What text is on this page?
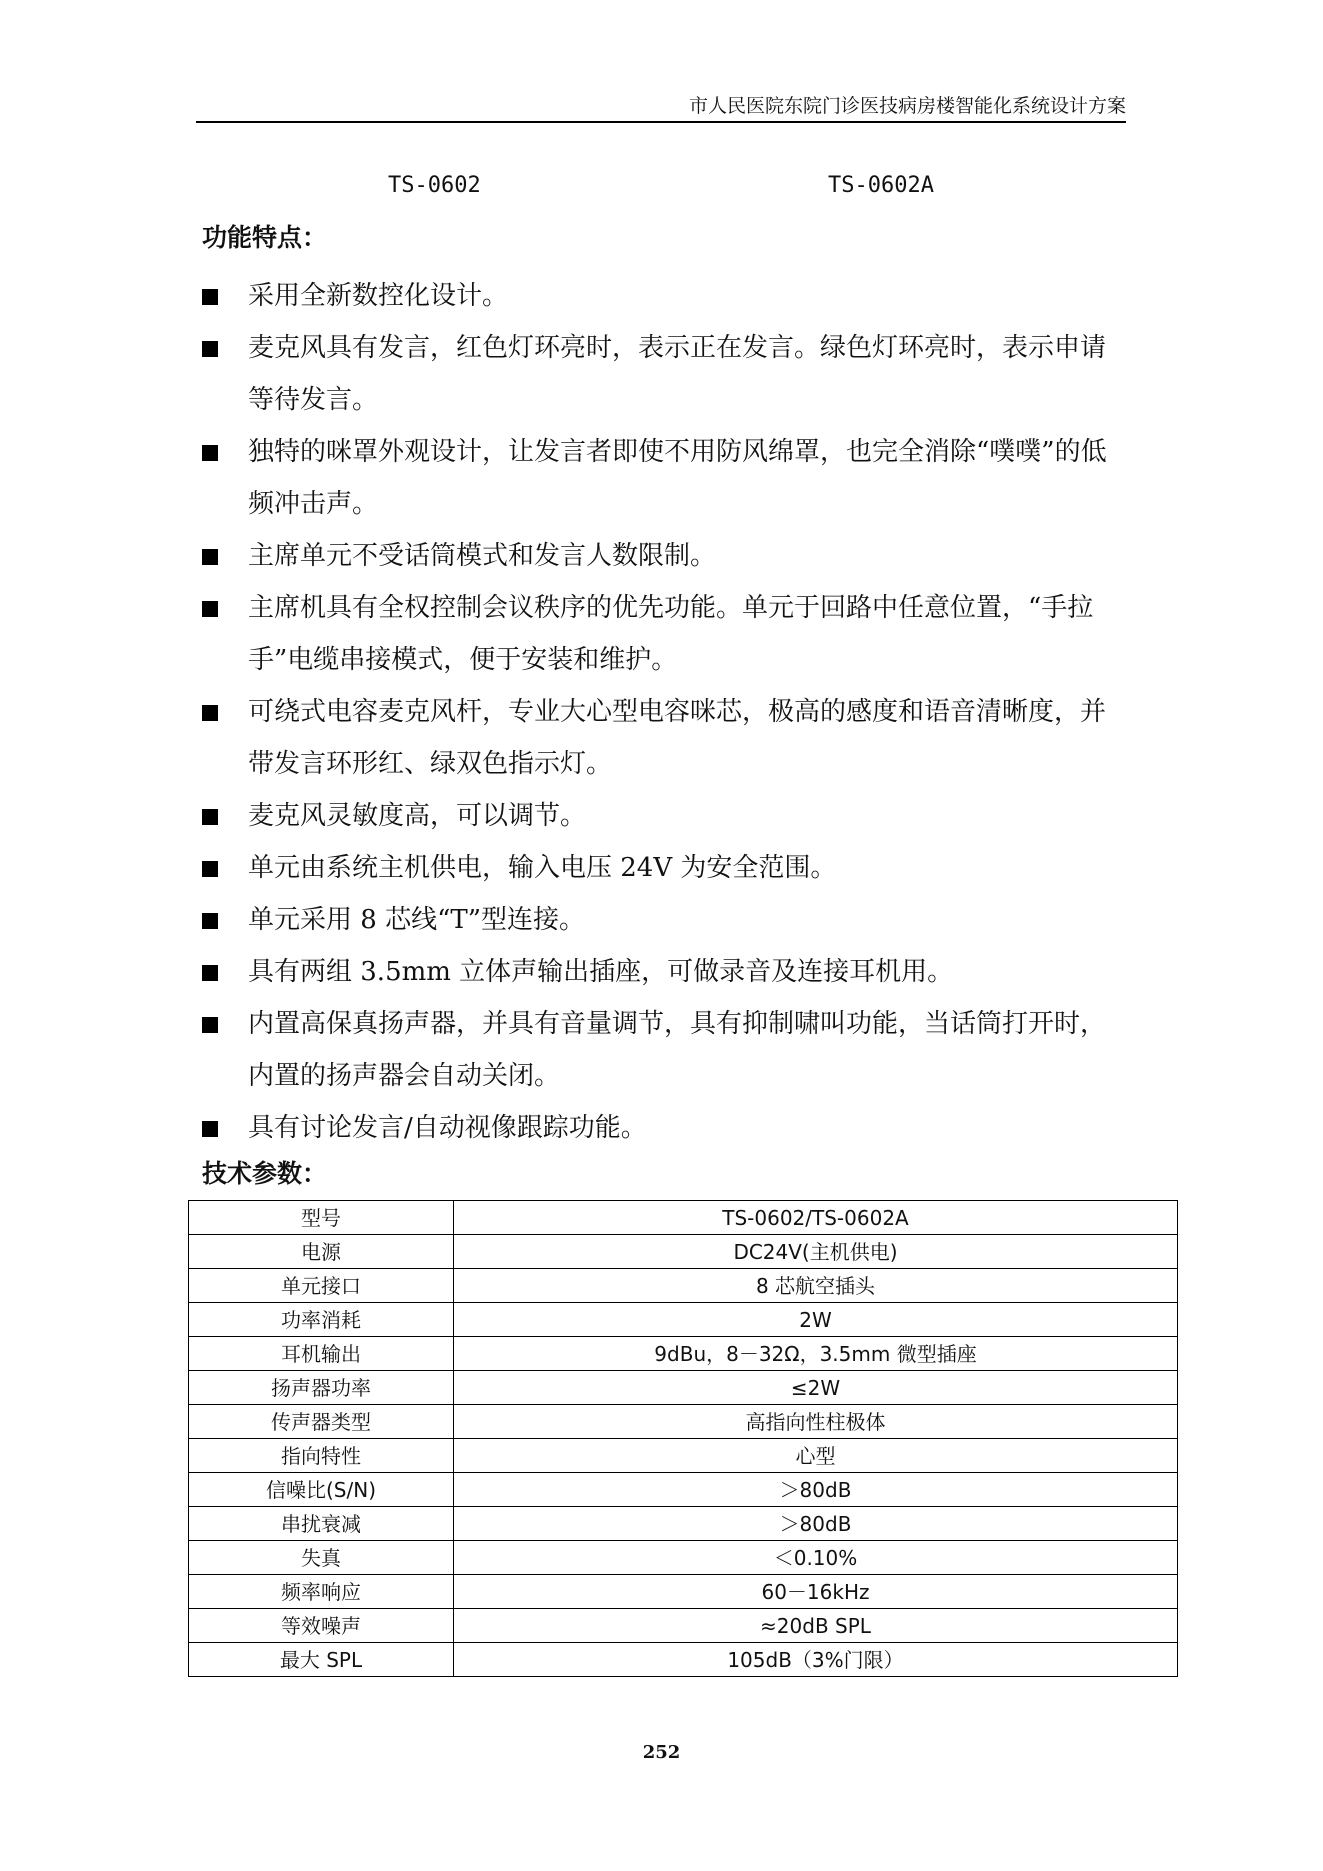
市人民医院东院门诊医技病房楼智能化系统设计方案
TS-0602	TS-0602A
功能特点：
采用全新数控化设计。
麦克风具有发言，红色灯环亮时，表示正在发言。绿色灯环亮时，表示申请等待发言。
独特的咪罩外观设计，让发言者即使不用防风绵罩，也完全消除“噗噗”的低频冲击声。
主席单元不受话筒模式和发言人数限制。
主席机具有全权控制会议秩序的优先功能。单元于回路中任意位置，“手拉手”电缆串接模式，便于安装和维护。
可绕式电容麦克风杆，专业大心型电容咪芯，极高的感度和语音清晰度，并带发言环形红、绿双色指示灯。
麦克风灵敏度高，可以调节。
单元由系统主机供电，输入电压 24V 为安全范围。
单元采用 8 芯线“T”型连接。
具有两组 3.5mm 立体声输出插座，可做录音及连接耳机用。
内置高保真扬声器，并具有音量调节，具有抑制啸叫功能，当话筒打开时，内置的扬声器会自动关闭。
具有讨论发言/自动视像跟踪功能。
技术参数：
型号	TS-0602/TS-0602A
电源	DC24V(主机供电)
单元接口	8 芯航空插头
功率消耗	2W
耳机输出	9dBu，8－32Ω，3.5mm 微型插座
扬声器功率	≤2W
传声器类型	高指向性柱极体
指向特性	心型
信噪比(S/N)	＞80dB
串扰衰减	＞80dB
失真	＜0.10%
频率响应	60－16kHz
等效噪声	≈20dB SPL
最大 SPL	105dB（3%门限）
252
